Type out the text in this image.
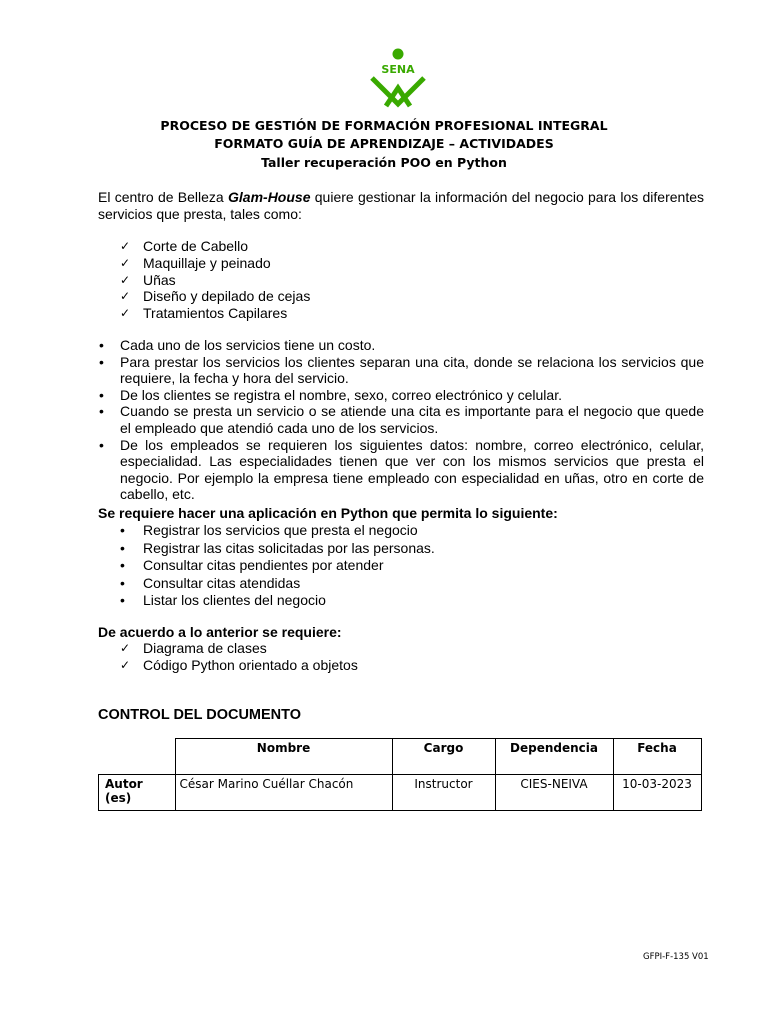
SENA
PROCESO DE GESTIÓN DE FORMACIÓN PROFESIONAL INTEGRAL
FORMATO GUÍA DE APRENDIZAJE – ACTIVIDADES
Taller recuperación POO en Python
El centro de Belleza Glam-House quiere gestionar la información del negocio para los diferentes servicios que presta, tales como:
✓ Corte de Cabello
✓ Maquillaje y peinado
✓ Uñas
✓ Diseño y depilado de cejas
✓ Tratamientos Capilares
• Cada uno de los servicios tiene un costo.
• Para prestar los servicios los clientes separan una cita, donde se relaciona los servicios que requiere, la fecha y hora del servicio.
• De los clientes se registra el nombre, sexo, correo electrónico y celular.
• Cuando se presta un servicio o se atiende una cita es importante para el negocio que quede el empleado que atendió cada uno de los servicios.
• De los empleados se requieren los siguientes datos: nombre, correo electrónico, celular, especialidad. Las especialidades tienen que ver con los mismos servicios que presta el negocio. Por ejemplo la empresa tiene empleado con especialidad en uñas, otro en corte de cabello, etc.
Se requiere hacer una aplicación en Python que permita lo siguiente:
• Registrar los servicios que presta el negocio
• Registrar las citas solicitadas por las personas.
• Consultar citas pendientes por atender
• Consultar citas atendidas
• Listar los clientes del negocio
De acuerdo a lo anterior se requiere:
✓ Diagrama de clases
✓ Código Python orientado a objetos
CONTROL DEL DOCUMENTO
	Nombre	Cargo	Dependencia	Fecha
Autor (es)	César Marino Cuéllar Chacón	Instructor	CIES-NEIVA	10-03-2023
GFPI-F-135 V01
